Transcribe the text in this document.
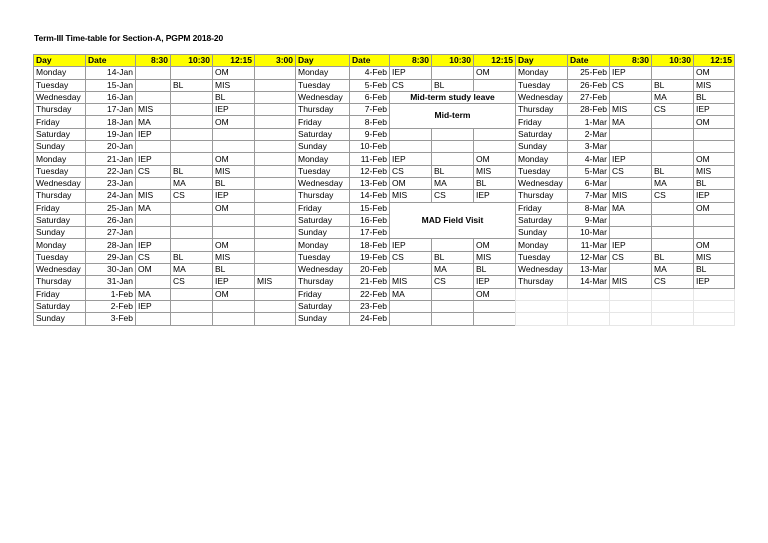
Term-III Time-table for Section-A, PGPM 2018-20
Day	Date	8:30	10:30	12:15	3:00
Monday	14-Jan			OM	
Tuesday	15-Jan		BL	MIS	
Wednesday	16-Jan			BL	
Thursday	17-Jan	MIS		IEP	
Friday	18-Jan	MA		OM	
Saturday	19-Jan	IEP			
Sunday	20-Jan				
Monday	21-Jan	IEP		OM	
Tuesday	22-Jan	CS	BL	MIS	
Wednesday	23-Jan		MA	BL	
Thursday	24-Jan	MIS	CS	IEP	
Friday	25-Jan	MA		OM	
Saturday	26-Jan				
Sunday	27-Jan				
Monday	28-Jan	IEP		OM	
Tuesday	29-Jan	CS	BL	MIS	
Wednesday	30-Jan	OM	MA	BL	
Thursday	31-Jan		CS	IEP	MIS
Friday	1-Feb	MA		OM	
Saturday	2-Feb	IEP			
Sunday	3-Feb				
Day	Date	8:30	10:30	12:15
Monday	4-Feb	IEP		OM
Tuesday	5-Feb	CS	BL	
Wednesday	6-Feb	Mid-term study leave		
Thursday	7-Feb	Mid-term		
Friday	8-Feb			
Saturday	9-Feb			
Sunday	10-Feb			
Monday	11-Feb	IEP		OM
Tuesday	12-Feb	CS	BL	MIS
Wednesday	13-Feb	OM	MA	BL
Thursday	14-Feb	MIS	CS	IEP
Friday	15-Feb	MAD Field Visit		
Saturday	16-Feb			
Sunday	17-Feb			
Monday	18-Feb	IEP		OM
Tuesday	19-Feb	CS	BL	MIS
Wednesday	20-Feb		MA	BL
Thursday	21-Feb	MIS	CS	IEP
Friday	22-Feb	MA		OM
Saturday	23-Feb			
Sunday	24-Feb			
Day	Date	8:30	10:30	12:15
Monday	25-Feb	IEP		OM
Tuesday	26-Feb	CS	BL	MIS
Wednesday	27-Feb		MA	BL
Thursday	28-Feb	MIS	CS	IEP
Friday	1-Mar	MA		OM
Saturday	2-Mar			
Sunday	3-Mar			
Monday	4-Mar	IEP		OM
Tuesday	5-Mar	CS	BL	MIS
Wednesday	6-Mar		MA	BL
Thursday	7-Mar	MIS	CS	IEP
Friday	8-Mar	MA		OM
Saturday	9-Mar			
Sunday	10-Mar			
Monday	11-Mar	IEP		OM
Tuesday	12-Mar	CS	BL	MIS
Wednesday	13-Mar		MA	BL
Thursday	14-Mar	MIS	CS	IEP
